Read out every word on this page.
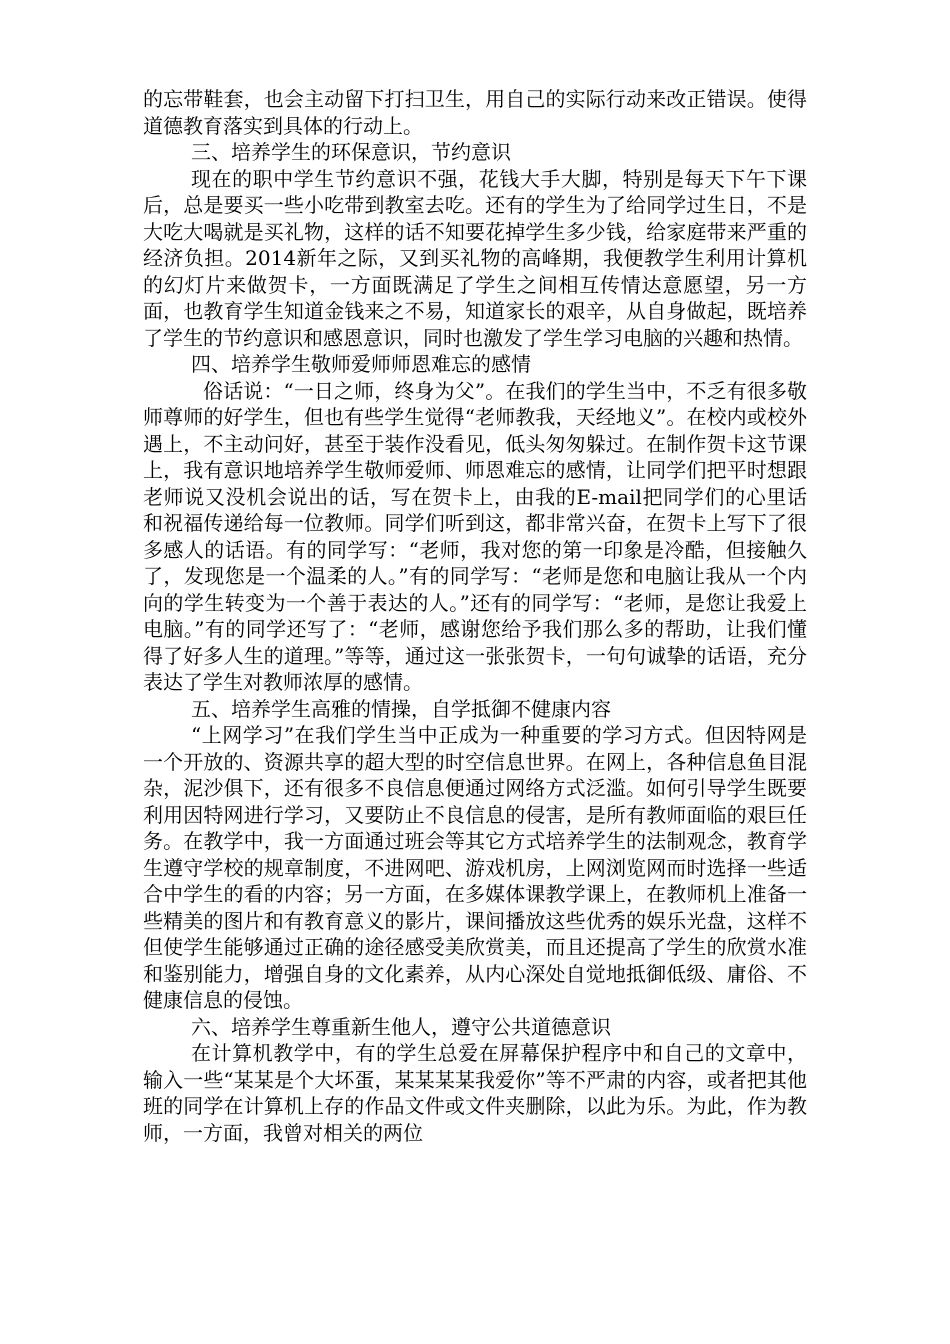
的忘带鞋套，也会主动留下打扫卫生，用自己的实际行动来改正错误。使得道德教育落实到具体的行动上。

三、培养学生的环保意识，节约意识

现在的职中学生节约意识不强，花钱大手大脚，特别是每天下午下课后，总是要买一些小吃带到教室去吃。还有的学生为了给同学过生日，不是大吃大喝就是买礼物，这样的话不知要花掉学生多少钱，给家庭带来严重的经济负担。2014新年之际，又到买礼物的高峰期，我便教学生利用计算机的幻灯片来做贺卡，一方面既满足了学生之间相互传情达意愿望，另一方面，也教育学生知道金钱来之不易，知道家长的艰辛，从自身做起，既培养了学生的节约意识和感恩意识，同时也激发了学生学习电脑的兴趣和热情。

四、培养学生敬师爱师师恩难忘的感情

俗话说：“一日之师，终身为父”。在我们的学生当中，不乏有很多敬师尊师的好学生，但也有些学生觉得“老师教我，天经地义”。在校内或校外遇上，不主动问好，甚至于装作没看见，低头匆匆躲过。在制作贺卡这节课上，我有意识地培养学生敬师爱师、师恩难忘的感情，让同学们把平时想跟老师说又没机会说出的话，写在贺卡上，由我的E-mail把同学们的心里话和祝福传递给每一位教师。同学们听到这，都非常兴奋，在贺卡上写下了很多感人的话语。有的同学写：“老师，我对您的第一印象是冷酷，但接触久了，发现您是一个温柔的人。”有的同学写：“老师是您和电脑让我从一个内向的学生转变为一个善于表达的人。”还有的同学写：“老师，是您让我爱上电脑。”有的同学还写了：“老师，感谢您给予我们那么多的帮助，让我们懂得了好多人生的道理。”等等，通过这一张张贺卡，一句句诚挚的话语，充分表达了学生对教师浓厚的感情。

五、培养学生高雅的情操，自学抵御不健康内容

“上网学习”在我们学生当中正成为一种重要的学习方式。但因特网是一个开放的、资源共享的超大型的时空信息世界。在网上，各种信息鱼目混杂，泥沙俱下，还有很多不良信息便通过网络方式泛滥。如何引导学生既要利用因特网进行学习，又要防止不良信息的侵害，是所有教师面临的艰巨任务。在教学中，我一方面通过班会等其它方式培养学生的法制观念，教育学生遵守学校的规章制度，不进网吧、游戏机房，上网浏览网而时选择一些适合中学生的看的内容；另一方面，在多媒体课教学课上，在教师机上准备一些精美的图片和有教育意义的影片，课间播放这些优秀的娱乐光盘，这样不但使学生能够通过正确的途径感受美欣赏美，而且还提高了学生的欣赏水准和鉴别能力，增强自身的文化素养，从内心深处自觉地抵御低级、庸俗、不健康信息的侵蚀。

六、培养学生尊重新生他人，遵守公共道德意识

在计算机教学中，有的学生总爱在屏幕保护程序中和自己的文章中，输入一些“某某是个大坏蛋，某某某某我爱你”等不严肃的内容，或者把其他班的同学在计算机上存的作品文件或文件夹删除，以此为乐。为此，作为教师，一方面，我曾对相关的两位
